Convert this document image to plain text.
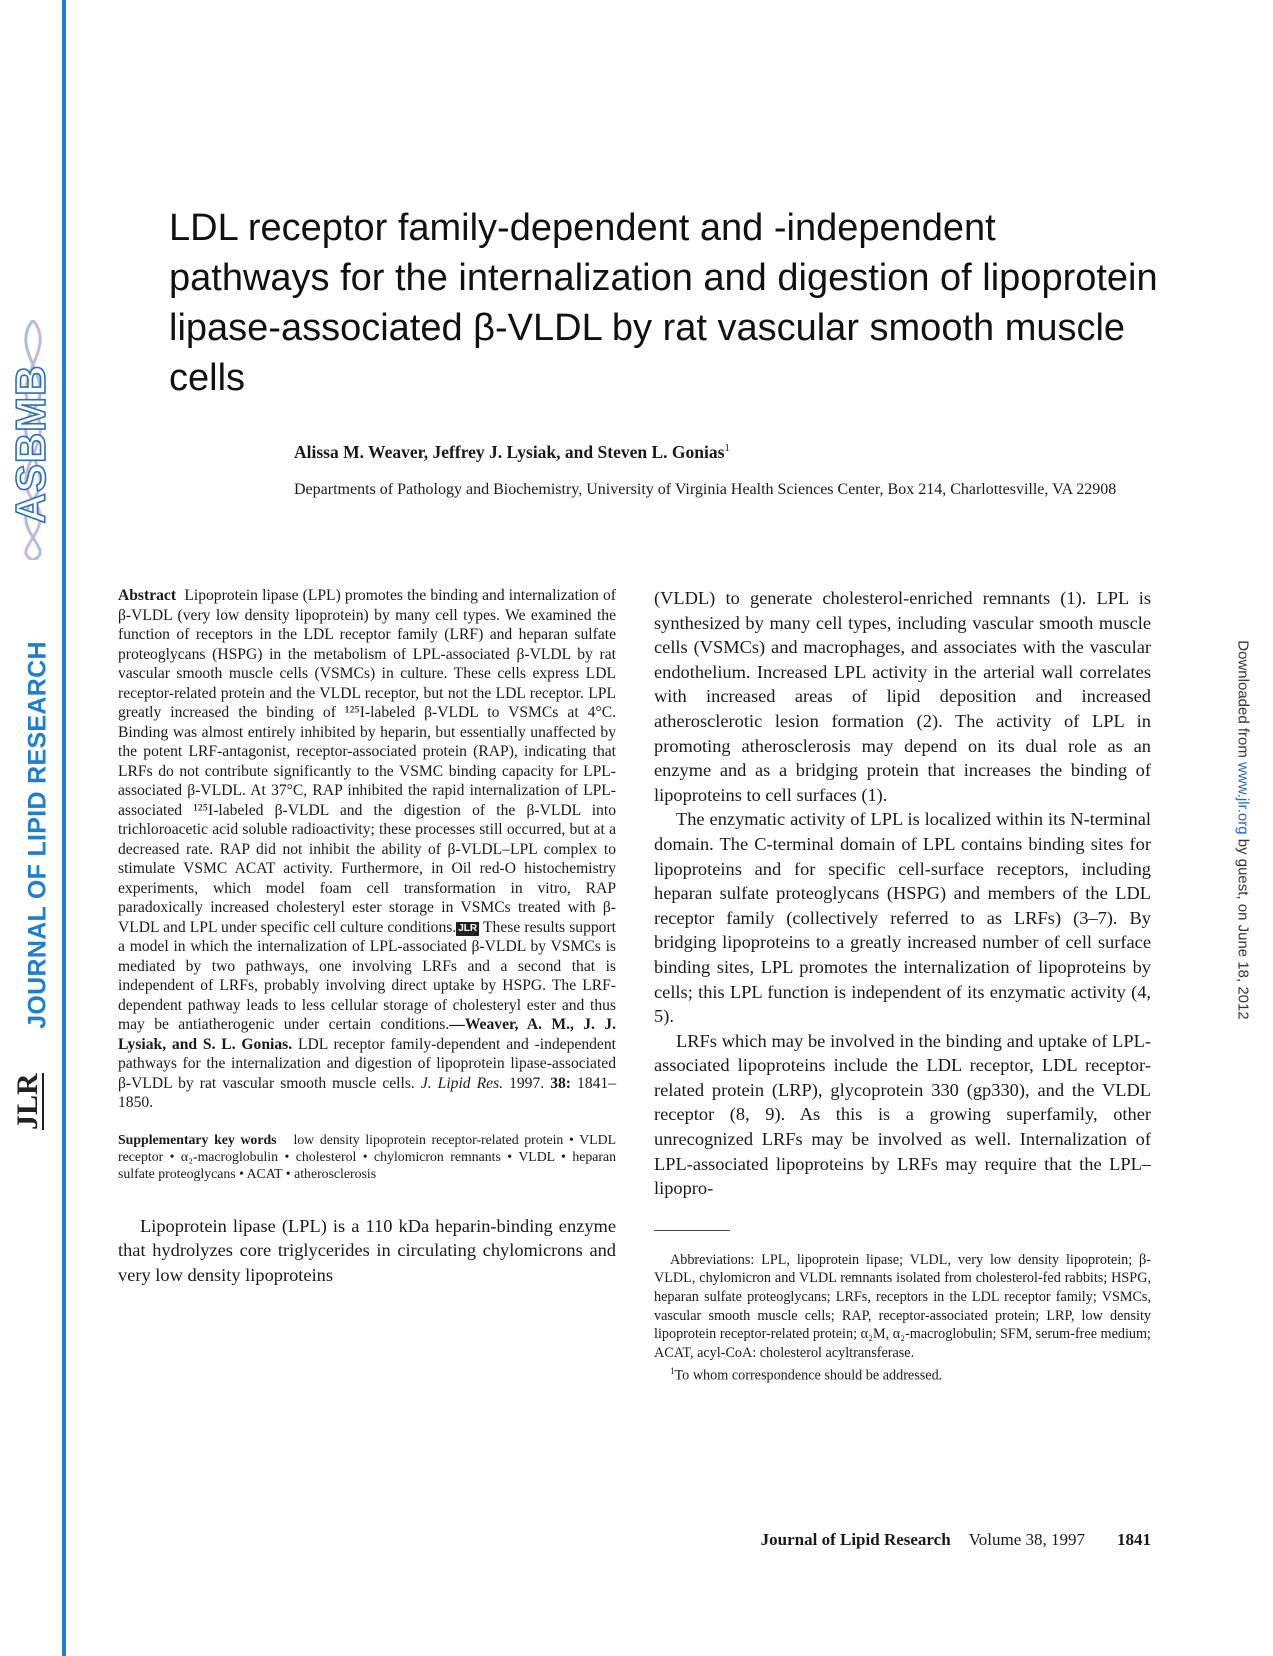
ASBMB
JOURNAL OF LIPID RESEARCH
JLR
Downloaded from www.jlr.org by guest, on June 18, 2012
LDL receptor family-dependent and -independent pathways for the internalization and digestion of lipoprotein lipase-associated β-VLDL by rat vascular smooth muscle cells

Alissa M. Weaver, Jeffrey J. Lysiak, and Steven L. Gonias$^1$

Departments of Pathology and Biochemistry, University of Virginia Health Sciences Center, Box 214, Charlottesville, VA 22908

Abstract Lipoprotein lipase (LPL) promotes the binding and internalization of β-VLDL (very low density lipoprotein) by many cell types. We examined the function of receptors in the LDL receptor family (LRF) and heparan sulfate proteoglycans (HSPG) in the metabolism of LPL-associated β-VLDL by rat vascular smooth muscle cells (VSMCs) in culture. These cells express LDL receptor-related protein and the VLDL receptor, but not the LDL receptor. LPL greatly increased the binding of ¹²⁵I-labeled β-VLDL to VSMCs at 4°C. Binding was almost entirely inhibited by heparin, but essentially unaffected by the potent LRF-antagonist, receptor-associated protein (RAP), indicating that LRFs do not contribute significantly to the VSMC binding capacity for LPL-associated β-VLDL. At 37°C, RAP inhibited the rapid internalization of LPL-associated ¹²⁵I-labeled β-VLDL and the digestion of the β-VLDL into trichloroacetic acid soluble radioactivity; these processes still occurred, but at a decreased rate. RAP did not inhibit the ability of β-VLDL–LPL complex to stimulate VSMC ACAT activity. Furthermore, in Oil red-O histochemistry experiments, which model foam cell transformation in vitro, RAP paradoxically increased cholesteryl ester storage in VSMCs treated with β-VLDL and LPL under specific cell culture conditions. JLR These results support a model in which the internalization of LPL-associated β-VLDL by VSMCs is mediated by two pathways, one involving LRFs and a second that is independent of LRFs, probably involving direct uptake by HSPG. The LRF-dependent pathway leads to less cellular storage of cholesteryl ester and thus may be antiatherogenic under certain conditions.—Weaver, A. M., J. J. Lysiak, and S. L. Gonias. LDL receptor family-dependent and -independent pathways for the internalization and digestion of lipoprotein lipase-associated β-VLDL by rat vascular smooth muscle cells. J. Lipid Res. 1997. 38: 1841–1850.

Supplementary key words low density lipoprotein receptor-related protein • VLDL receptor • α₂-macroglobulin • cholesterol • chylomicron remnants • VLDL • heparan sulfate proteoglycans • ACAT • atherosclerosis

Lipoprotein lipase (LPL) is a 110 kDa heparin-binding enzyme that hydrolyzes core triglycerides in circulating chylomicrons and very low density lipoproteins

(VLDL) to generate cholesterol-enriched remnants (1). LPL is synthesized by many cell types, including vascular smooth muscle cells (VSMCs) and macrophages, and associates with the vascular endothelium. Increased LPL activity in the arterial wall correlates with increased areas of lipid deposition and increased atherosclerotic lesion formation (2). The activity of LPL in promoting atherosclerosis may depend on its dual role as an enzyme and as a bridging protein that increases the binding of lipoproteins to cell surfaces (1).

The enzymatic activity of LPL is localized within its N-terminal domain. The C-terminal domain of LPL contains binding sites for lipoproteins and for specific cell-surface receptors, including heparan sulfate proteoglycans (HSPG) and members of the LDL receptor family (collectively referred to as LRFs) (3–7). By bridging lipoproteins to a greatly increased number of cell surface binding sites, LPL promotes the internalization of lipoproteins by cells; this LPL function is independent of its enzymatic activity (4, 5).

LRFs which may be involved in the binding and uptake of LPL-associated lipoproteins include the LDL receptor, LDL receptor-related protein (LRP), glycoprotein 330 (gp330), and the VLDL receptor (8, 9). As this is a growing superfamily, other unrecognized LRFs may be involved as well. Internalization of LPL-associated lipoproteins by LRFs may require that the LPL–lipopro-

Abbreviations: LPL, lipoprotein lipase; VLDL, very low density lipoprotein; β-VLDL, chylomicron and VLDL remnants isolated from cholesterol-fed rabbits; HSPG, heparan sulfate proteoglycans; LRFs, receptors in the LDL receptor family; VSMCs, vascular smooth muscle cells; RAP, receptor-associated protein; LRP, low density lipoprotein receptor-related protein; α₂M, α₂-macroglobulin; SFM, serum-free medium; ACAT, acyl-CoA: cholesterol acyltransferase.

$^1$To whom correspondence should be addressed.

Journal of Lipid Research Volume 38, 1997 1841
